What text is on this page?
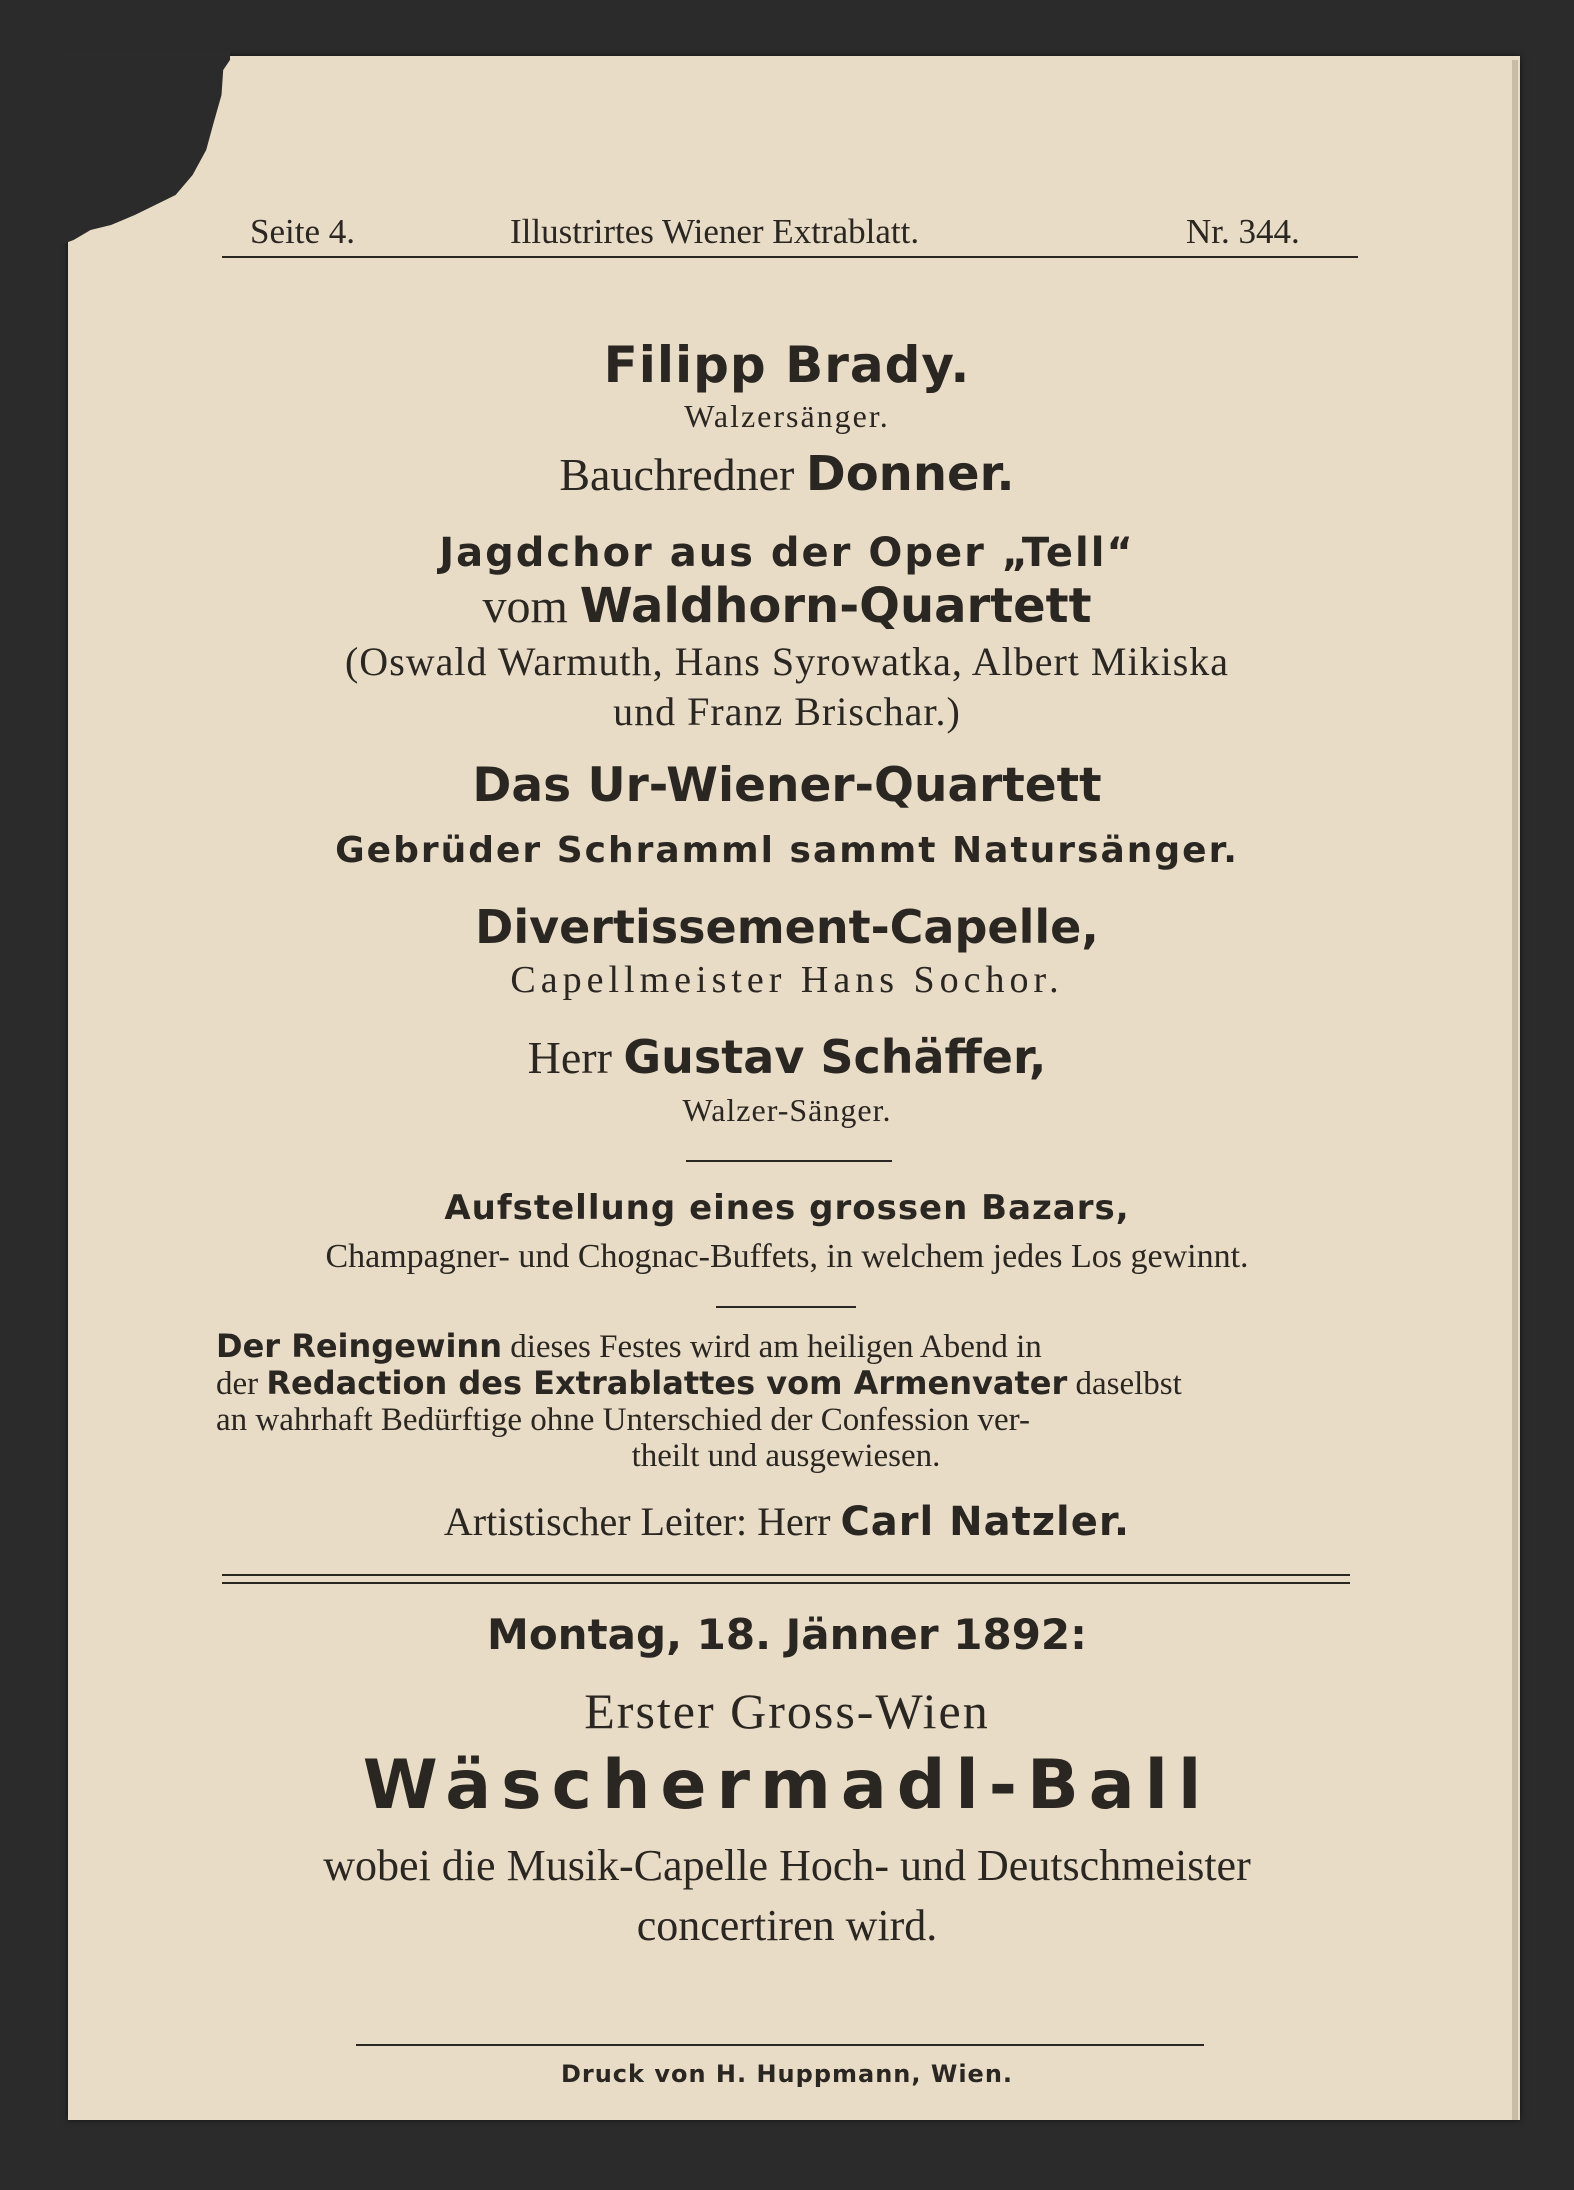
Seite 4.	Illustrirtes Wiener Extrablatt.	Nr. 344.
Filipp Brady.
Walzersänger.
Bauchredner Donner.
Jagdchor aus der Oper „Tell“
vom Waldhorn-Quartett
(Oswald Warmuth, Hans Syrowatka, Albert Mikiska
und Franz Brischar.)
Das Ur-Wiener-Quartett
Gebrüder Schramml sammt Natursänger.
Divertissement-Capelle,
Capellmeister Hans Sochor.
Herr Gustav Schäffer,
Walzer-Sänger.
Aufstellung eines grossen Bazars,
Champagner- und Chognac-Buffets, in welchem jedes Los gewinnt.
Der Reingewinn dieses Festes wird am heiligen Abend in
der Redaction des Extrablattes vom Armenvater daselbst
an wahrhaft Bedürftige ohne Unterschied der Confession ver-
theilt und ausgewiesen.
Artistischer Leiter: Herr Carl Natzler.
Montag, 18. Jänner 1892:
Erster Gross-Wien
Wäschermadl-Ball
wobei die Musik-Capelle Hoch- und Deutschmeister
concertiren wird.
Druck von H. Huppmann, Wien.
